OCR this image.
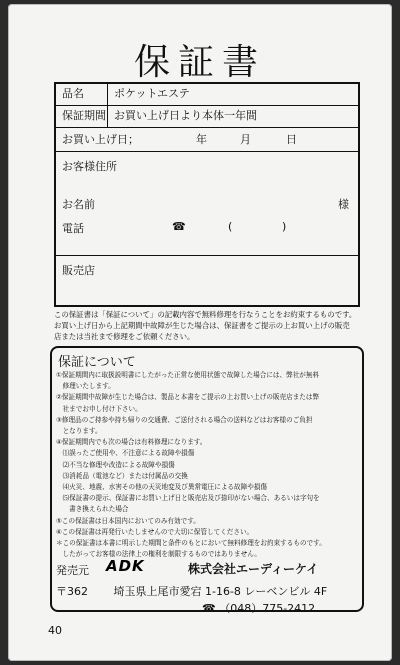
保証書
品名	ポケットエステ
保証期間 お買い上げ日より本体一年間
お買い上げ日；	年	月	日
お客様住所
お名前	様
電話	☎	(	)
販売店
この保証書は「保証について」の記載内容で無料修理を行なうことをお約束するものです。
お買い上げ日から上記期間中故障が生じた場合は、保証書をご提示の上お買い上げの販売
店または当社まで修理をご依頼ください。
保証について
①保証期間内に取扱説明書にしたがった正常な使用状態で故障した場合には、弊社が無料
　修理いたします。
②保証期間中故障が生じた場合は、製品と本書をご提示の上お買い上げの販売店または弊
　社までお申し付け下さい。
③修理品のご持参や持ち帰りの交通費、ご送付される場合の送料などはお客様のご負担
　となります。
④保証期間内でも次の場合は有料修理になります。
　⑴誤ったご使用や、不注意による故障や損傷
　⑵不当な修理や改造による故障や損傷
　⑶消耗品（電池など）または付属品の交換
　⑷火災、地震、水害その他の天災地変及び異常電圧による故障や損傷
　⑸保証書の提示、保証書にお買い上げ日と販売店及び捺印がない場合、あるいは字句を
　　書き換えられた場合
⑤この保証書は日本国内においてのみ有効です。
⑥この保証書は再発行いたしませんので大切に保管してください。
＊この保証書は本書に明示した期間と条件のもとにおいて無料修理をお約束するものです。
　したがってお客様の法律上の権利を制限するものではありません。
発売元 ADK	株式会社エーディーケイ
〒362 埼玉県上尾市愛宕 1-16-8 レーベンビル 4F
☎ （048）775-2412
40
